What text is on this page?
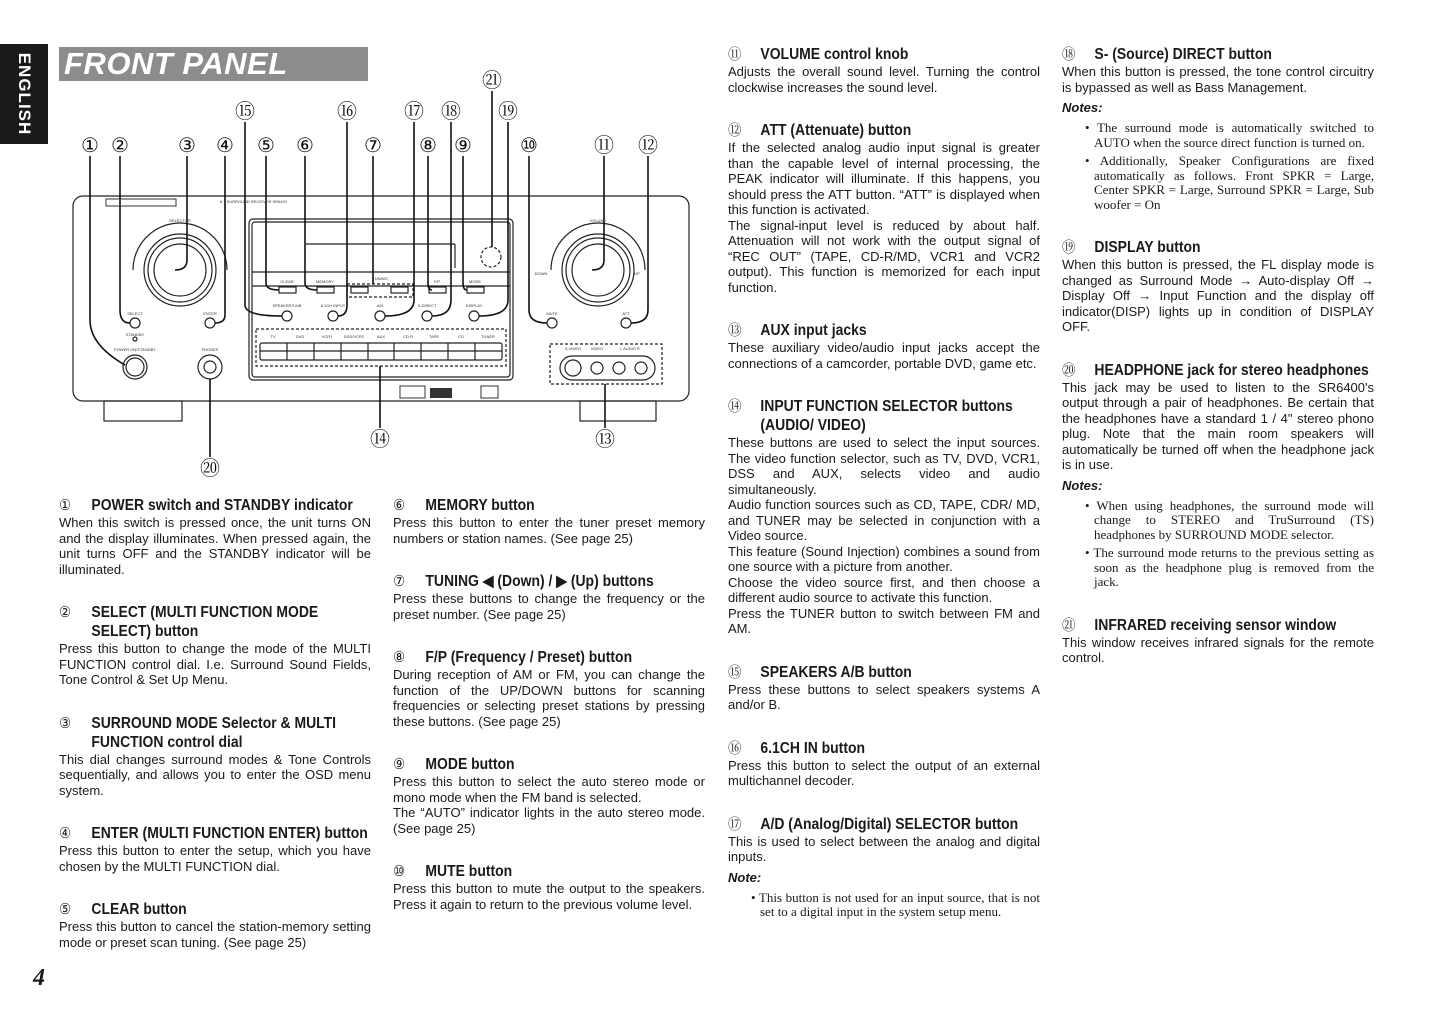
ENGLISH FRONT PANEL
SELECTOR	VOLUME
SELECT	ENTER
STANDBY
POWER ON/STANDBY	PHONES
CLEAR	MEMORY
TUNING
F/P	MODE
SPEAKERS A/B	6.1CH INPUT	A/D	S-DIRECT	DISPLAY
MUTE	ATT
DOWN	UP
S-VIDEO VIDEO	L AUDIO R
6.1 SURROUND RECEIVER SR6400
TV	DVD	VCR1	DSS/VCR2	AUX	CD-R	TAPE	CD	TUNER
① ② ③ ④ ⑤ ⑥	⑦ ⑧ ⑨ ⑩	⑪ ⑫
⑬
⑭
⑮	⑯ ⑰ ⑱ ⑲
⑳
㉑
①	POWER switch and STANDBY indicator
When this switch is pressed once, the unit turns ON and the display illuminates. When pressed again, the unit turns OFF and the STANDBY indicator will be illuminated.
②	SELECT (MULTI FUNCTION MODE SELECT) button
Press this button to change the mode of the MULTI FUNCTION control dial. I.e. Surround Sound Fields, Tone Control & Set Up Menu.
③	SURROUND MODE Selector & MULTI FUNCTION control dial
This dial changes surround modes & Tone Controls sequentially, and allows you to enter the OSD menu system.
④	ENTER (MULTI FUNCTION ENTER) button
Press this button to enter the setup, which you have chosen by the MULTI FUNCTION dial.
⑤	CLEAR button
Press this button to cancel the station-memory setting mode or preset scan tuning. (See page 25)
⑥	MEMORY button
Press this button to enter the tuner preset memory numbers or station names. (See page 25)
⑦	TUNING ◀ (Down) / ▶ (Up) buttons
Press these buttons to change the frequency or the preset number. (See page 25)
⑧	F/P (Frequency / Preset) button
During reception of AM or FM, you can change the function of the UP/DOWN buttons for scanning frequencies or selecting preset stations by pressing these buttons. (See page 25)
⑨	MODE button
Press this button to select the auto stereo mode or mono mode when the FM band is selected.
The “AUTO” indicator lights in the auto stereo mode. (See page 25)
⑩	MUTE button
Press this button to mute the output to the speakers. Press it again to return to the previous volume level.
⑪	VOLUME control knob
Adjusts the overall sound level. Turning the control clockwise increases the sound level.
⑫	ATT (Attenuate) button
If the selected analog audio input signal is greater than the capable level of internal processing, the PEAK indicator will illuminate. If this happens, you should press the ATT button. “ATT” is displayed when this function is activated.
The signal-input level is reduced by about half. Attenuation will not work with the output signal of “REC OUT” (TAPE, CD-R/MD, VCR1 and VCR2 output). This function is memorized for each input function.
⑬	AUX input jacks
These auxiliary video/audio input jacks accept the connections of a camcorder, portable DVD, game etc.
⑭	INPUT FUNCTION SELECTOR buttons (AUDIO/ VIDEO)
These buttons are used to select the input sources. The video function selector, such as TV, DVD, VCR1, DSS and AUX, selects video and audio simultaneously.
Audio function sources such as CD, TAPE, CDR/ MD, and TUNER may be selected in conjunction with a Video source.
This feature (Sound Injection) combines a sound from one source with a picture from another.
Choose the video source first, and then choose a different audio source to activate this function.
Press the TUNER button to switch between FM and AM.
⑮	SPEAKERS A/B button
Press these buttons to select speakers systems A and/or B.
⑯	6.1CH IN button
Press this button to select the output of an external multichannel decoder.
⑰	A/D (Analog/Digital) SELECTOR button
This is used to select between the analog and digital inputs.
Note:
• This button is not used for an input source, that is not set to a digital input in the system setup menu.
⑱	S- (Source) DIRECT button
When this button is pressed, the tone control circuitry is bypassed as well as Bass Management.
Notes:
• The surround mode is automatically switched to AUTO when the source direct function is turned on.
• Additionally, Speaker Configurations are fixed automatically as follows. Front SPKR = Large, Center SPKR = Large, Surround SPKR = Large, Sub woofer = On
⑲	DISPLAY button
When this button is pressed, the FL display mode is changed as Surround Mode → Auto-display Off → Display Off → Input Function and the display off indicator(DISP) lights up in condition of DISPLAY OFF.
⑳	HEADPHONE jack for stereo headphones
This jack may be used to listen to the SR6400's output through a pair of headphones. Be certain that the headphones have a standard 1 / 4" stereo phono plug. Note that the main room speakers will automatically be turned off when the headphone jack is in use.
Notes:
• When using headphones, the surround mode will change to STEREO and TruSurround (TS) headphones by SURROUND MODE selector.
• The surround mode returns to the previous setting as soon as the headphone plug is removed from the jack.
㉑	INFRARED receiving sensor window
This window receives infrared signals for the remote control.
4
